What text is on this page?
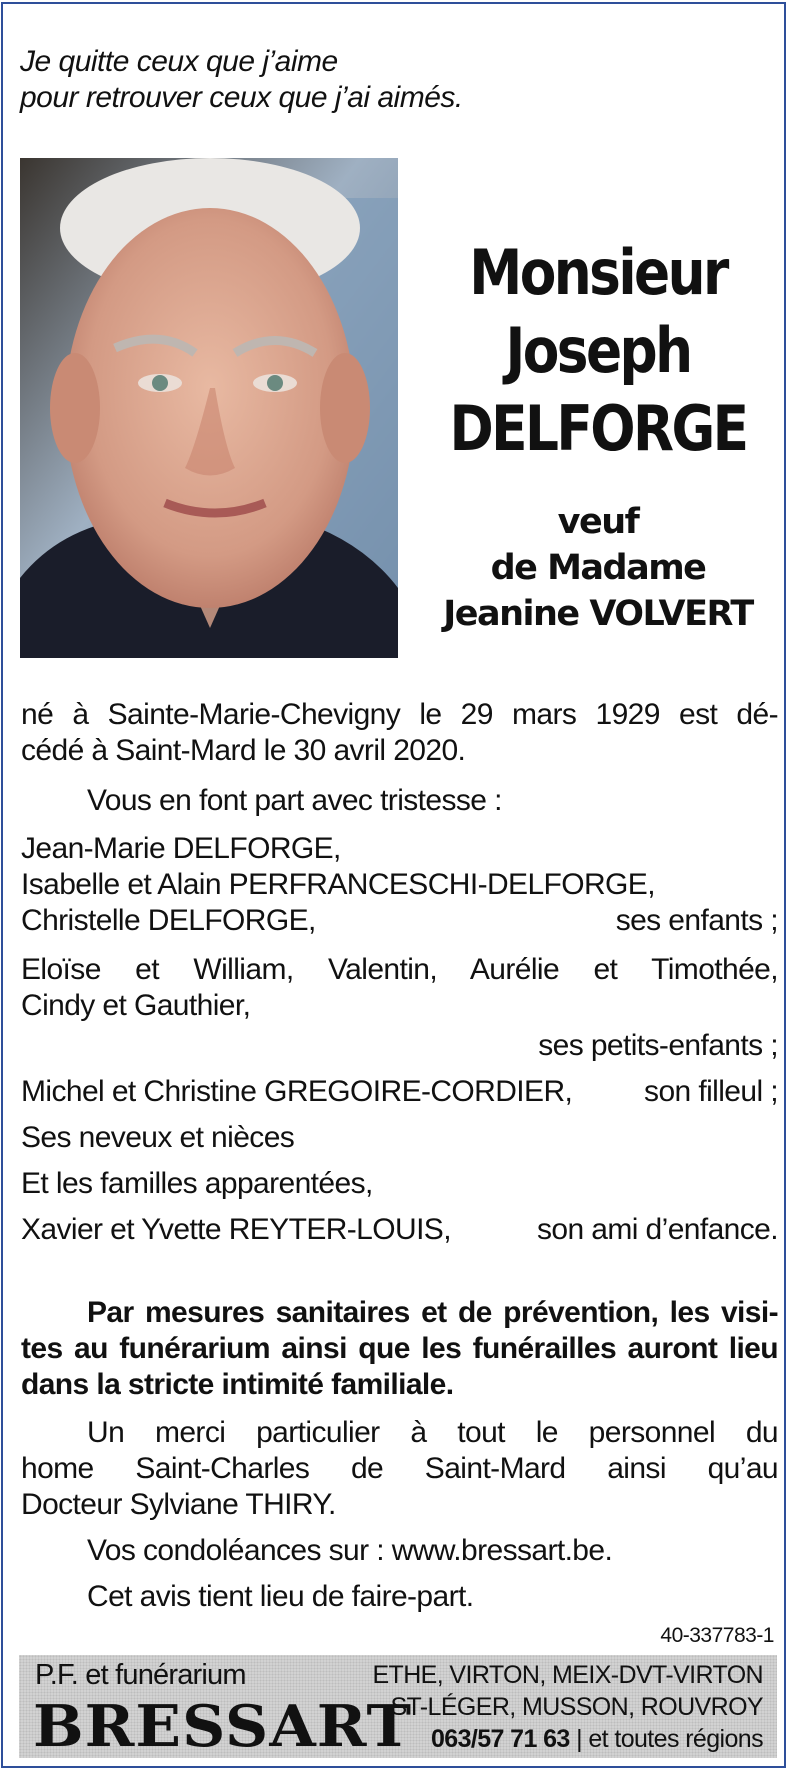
Je quitte ceux que j’aime
pour retrouver ceux que j’ai aimés.
Monsieur
Joseph
DELFORGE
veuf
de Madame
Jeanine VOLVERT
né à Sainte-Marie-Chevigny le 29 mars 1929 est dé-
cédé à Saint-Mard le 30 avril 2020.
Vous en font part avec tristesse :
Jean-Marie DELFORGE,
Isabelle et Alain PERFRANCESCHI-DELFORGE,
Christelle DELFORGE,	ses enfants ;
Eloïse et William, Valentin, Aurélie et Timothée,
Cindy et Gauthier,
ses petits-enfants ;
Michel et Christine GREGOIRE-CORDIER, son filleul ;
Ses neveux et nièces
Et les familles apparentées,
Xavier et Yvette REYTER-LOUIS,	son ami d’enfance.
Par mesures sanitaires et de prévention, les visi-
tes au funérarium ainsi que les funérailles auront lieu
dans la stricte intimité familiale.
Un merci particulier à tout le personnel du
home Saint-Charles de Saint-Mard ainsi qu’au
Docteur Sylviane THIRY.
Vos condoléances sur : www.bressart.be.
Cet avis tient lieu de faire-part.
40-337783-1
P.F. et funérarium
BRESSART
ETHE, VIRTON, MEIX-DVT-VIRTON
ST-LÉGER, MUSSON, ROUVROY
063/57 71 63 | et toutes régions
